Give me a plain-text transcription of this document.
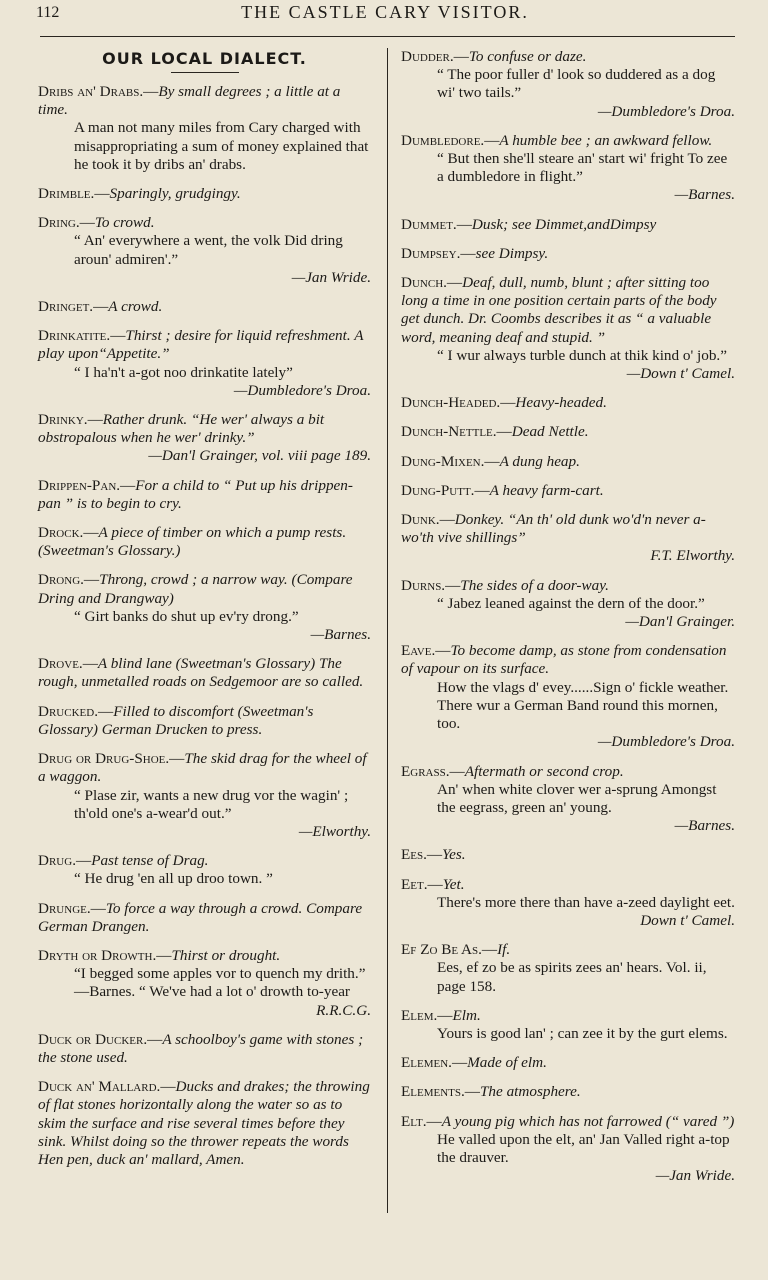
112	THE CASTLE CARY VISITOR.
OUR LOCAL DIALECT.
Dribs an' Drabs.—By small degrees ; a little at a time.
A man not many miles from Cary charged with misappropriating a sum of money explained that he took it by dribs an' drabs.
Drimble.—Sparingly, grudgingy.
Dring.—To crowd.
“ An' everywhere a went, the volk Did dring aroun' admiren'.”
—Jan Wride.
Dringet.—A crowd.
Drinkatite.—Thirst ; desire for liquid refreshment. A play upon“Appetite.”
“ I ha'n't a-got noo drinkatite lately”
—Dumbledore's Droa.
Drinky.—Rather drunk. “He wer' always a bit obstropalous when he wer' drinky.”
—Dan'l Grainger, vol. viii page 189.
Drippen-Pan.—For a child to “ Put up his drippen-pan ” is to begin to cry.
Drock.—A piece of timber on which a pump rests. (Sweetman's Glossary.)
Drong.—Throng, crowd ; a narrow way. (Compare Dring and Drangway)
“ Girt banks do shut up ev'ry drong.”
—Barnes.
Drove.—A blind lane (Sweetman's Glossary) The rough, unmetalled roads on Sedgemoor are so called.
Drucked.—Filled to discomfort (Sweetman's Glossary) German Drucken to press.
Drug or Drug-Shoe.—The skid drag for the wheel of a waggon.
“ Plase zir, wants a new drug vor the wagin' ; th'old one's a-wear'd out.”
—Elworthy.
Drug.—Past tense of Drag.
“ He drug 'en all up droo town. ”
Drunge.—To force a way through a crowd. Compare German Drangen.
Dryth or Drowth.—Thirst or drought.
“I begged some apples vor to quench my drith.” —Barnes. “ We've had a lot o' drowth to-year
R.R.C.G.
Duck or Ducker.—A schoolboy's game with stones ; the stone used.
Duck an' Mallard.—Ducks and drakes; the throwing of flat stones horizontally along the water so as to skim the surface and rise several times before they sink. Whilst doing so the thrower repeats the words Hen pen, duck an' mallard, Amen.
Dudder.—To confuse or daze.
“ The poor fuller d' look so duddered as a dog wi' two tails.”
—Dumbledore's Droa.
Dumbledore.—A humble bee ; an awkward fellow.
“ But then she'll steare an' start wi' fright To zee a dumbledore in flight.”
—Barnes.
Dummet.—Dusk; see Dimmet,andDimpsy
Dumpsey.—see Dimpsy.
Dunch.—Deaf, dull, numb, blunt ; after sitting too long a time in one position certain parts of the body get dunch. Dr. Coombs describes it as “ a valuable word, meaning deaf and stupid. ”
“ I wur always turble dunch at thik kind o' job.”
—Down t' Camel.
Dunch-Headed.—Heavy-headed.
Dunch-Nettle.—Dead Nettle.
Dung-Mixen.—A dung heap.
Dung-Putt.—A heavy farm-cart.
Dunk.—Donkey. “An th' old dunk wo'd'n never a-wo'th vive shillings”
F.T. Elworthy.
Durns.—The sides of a door-way.
“ Jabez leaned against the dern of the door.”
—Dan'l Grainger.
Eave.—To become damp, as stone from condensation of vapour on its surface.
How the vlags d' evey......Sign o' fickle weather. There wur a German Band round this mornen, too.
—Dumbledore's Droa.
Egrass.—Aftermath or second crop.
An' when white clover wer a-sprung Amongst the eegrass, green an' young.
—Barnes.
Ees.—Yes.
Eet.—Yet.
There's more there than have a-zeed daylight eet.
Down t' Camel.
Ef Zo Be As.—If.
Ees, ef zo be as spirits zees an' hears. Vol. ii, page 158.
Elem.—Elm.
Yours is good lan' ; can zee it by the gurt elems.
Elemen.—Made of elm.
Elements.—The atmosphere.
Elt.—A young pig which has not farrowed (“ vared ”)
He valled upon the elt, an' Jan Valled right a-top the drauver.
—Jan Wride.
